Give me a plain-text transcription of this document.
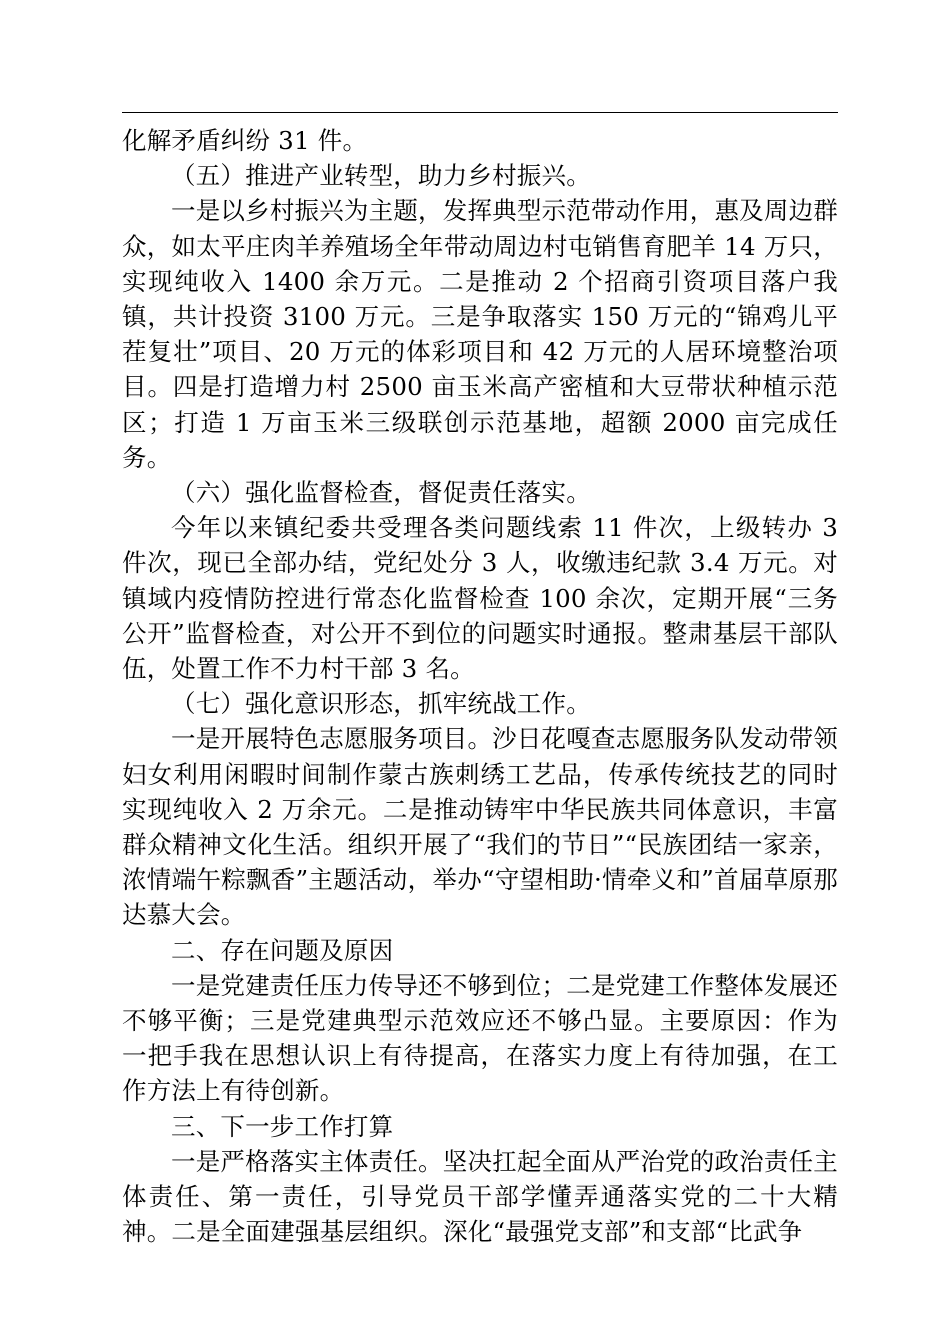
化解矛盾纠纷 31 件。

（五）推进产业转型，助力乡村振兴。

一是以乡村振兴为主题，发挥典型示范带动作用，惠及周边群众，如太平庄肉羊养殖场全年带动周边村屯销售育肥羊 14 万只，实现纯收入 1400 余万元。二是推动 2 个招商引资项目落户我镇，共计投资 3100 万元。三是争取落实 150 万元的“锦鸡儿平茬复壮”项目、20 万元的体彩项目和 42 万元的人居环境整治项目。四是打造增力村 2500 亩玉米高产密植和大豆带状种植示范区；打造 1 万亩玉米三级联创示范基地，超额 2000 亩完成任务。

（六）强化监督检查，督促责任落实。

今年以来镇纪委共受理各类问题线索 11 件次，上级转办 3 件次，现已全部办结，党纪处分 3 人，收缴违纪款 3.4 万元。对镇域内疫情防控进行常态化监督检查 100 余次，定期开展“三务公开”监督检查，对公开不到位的问题实时通报。整肃基层干部队伍，处置工作不力村干部 3 名。

（七）强化意识形态，抓牢统战工作。

一是开展特色志愿服务项目。沙日花嘎查志愿服务队发动带领妇女利用闲暇时间制作蒙古族刺绣工艺品，传承传统技艺的同时实现纯收入 2 万余元。二是推动铸牢中华民族共同体意识，丰富群众精神文化生活。组织开展了“我们的节日”“民族团结一家亲，浓情端午粽飘香”主题活动，举办“守望相助·情牵义和”首届草原那达慕大会。

二、存在问题及原因

一是党建责任压力传导还不够到位；二是党建工作整体发展还不够平衡；三是党建典型示范效应还不够凸显。主要原因：作为一把手我在思想认识上有待提高，在落实力度上有待加强，在工作方法上有待创新。

三、下一步工作打算

一是严格落实主体责任。坚决扛起全面从严治党的政治责任主体责任、第一责任，引导党员干部学懂弄通落实党的二十大精神。二是全面建强基层组织。深化“最强党支部”和支部“比武争
